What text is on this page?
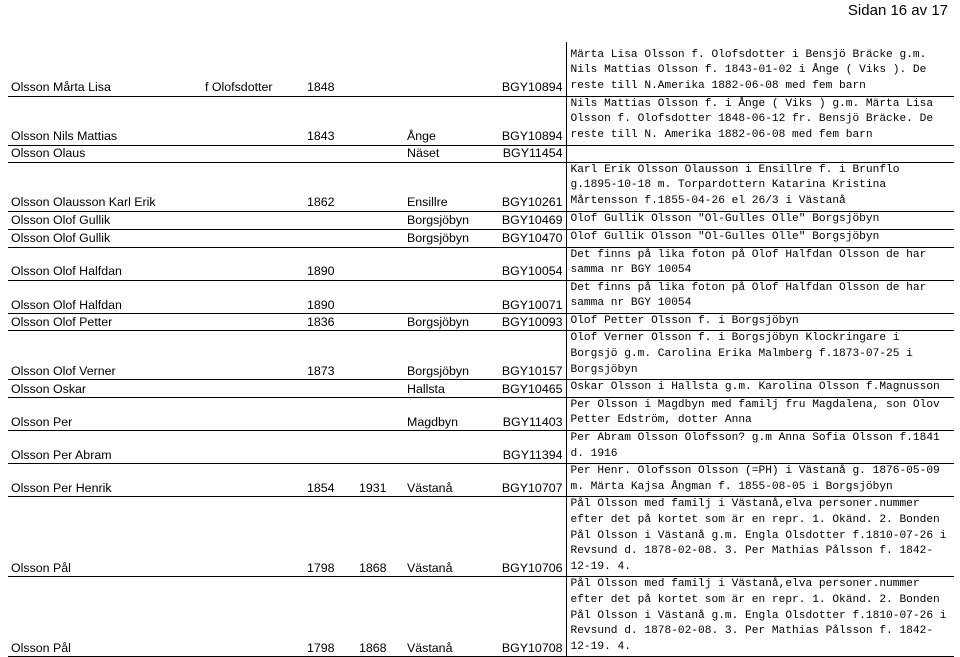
Sidan 16 av 17
Olsson Mårta Lisa	f Olofsdotter	1848			BGY10894	Märta Lisa Olsson f. Olofsdotter i Bensjö Bräcke g.m. Nils Mattias Olsson f. 1843-01-02 i Ånge ( Viks ). De reste till N.Amerika 1882-06-08 med fem barn
Olsson Nils Mattias		1843		Ånge	BGY10894	Nils Mattias Olsson f. i Ånge ( Viks ) g.m. Märta Lisa Olsson f. Olofsdotter 1848-06-12 fr. Bensjö Bräcke. De reste till N. Amerika 1882-06-08 med fem barn
Olsson Olaus				Näset	BGY11454	
Olsson Olausson Karl Erik		1862		Ensillre	BGY10261	Karl Erik Olsson Olausson i Ensillre f. i Brunflo g.1895-10-18 m. Torpardottern Katarina Kristina Mårtensson f.1855-04-26 el 26/3 i Västanå
Olsson Olof Gullik				Borgsjöbyn	BGY10469	Olof Gullik Olsson "Ol-Gulles Olle" Borgsjöbyn
Olsson Olof Gullik				Borgsjöbyn	BGY10470	Olof Gullik Olsson "Ol-Gulles Olle" Borgsjöbyn
Olsson Olof Halfdan		1890			BGY10054	Det finns på lika foton på Olof Halfdan Olsson de har samma nr BGY 10054
Olsson Olof Halfdan		1890			BGY10071	Det finns på lika foton på Olof Halfdan Olsson de har samma nr BGY 10054
Olsson Olof Petter		1836		Borgsjöbyn	BGY10093	Olof Petter Olsson f. i Borgsjöbyn
Olsson Olof Verner		1873		Borgsjöbyn	BGY10157	Olof Verner Olsson f. i Borgsjöbyn Klockringare i Borgsjö g.m. Carolina Erika Malmberg f.1873-07-25 i Borgsjöbyn
Olsson Oskar				Hallsta	BGY10465	Oskar Olsson i Hallsta g.m. Karolina Olsson f.Magnusson
Olsson Per				Magdbyn	BGY11403	Per Olsson i Magdbyn med familj fru Magdalena, son Olov Petter Edström, dotter Anna
Olsson Per Abram					BGY11394	Per Abram Olsson Olofsson? g.m Anna Sofia Olsson f.1841 d. 1916
Olsson Per Henrik		1854	1931	Västanå	BGY10707	Per Henr. Olofsson Olsson (=PH) i Västanå g. 1876-05-09 m. Märta Kajsa Ångman f. 1855-08-05 i Borgsjöbyn
Olsson Pål		1798	1868	Västanå	BGY10706	Pål Olsson med familj i Västanå,elva personer.nummer efter det på kortet som är en repr. 1. Okänd. 2. Bonden Pål Olsson i Västanå g.m. Engla Olsdotter f.1810-07-26 i Revsund d. 1878-02-08. 3. Per Mathias Pålsson f. 1842-12-19. 4.
Olsson Pål		1798	1868	Västanå	BGY10708	Pål Olsson med familj i Västanå,elva personer.nummer efter det på kortet som är en repr. 1. Okänd. 2. Bonden Pål Olsson i Västanå g.m. Engla Olsdotter f.1810-07-26 i Revsund d. 1878-02-08. 3. Per Mathias Pålsson f. 1842-12-19. 4.
